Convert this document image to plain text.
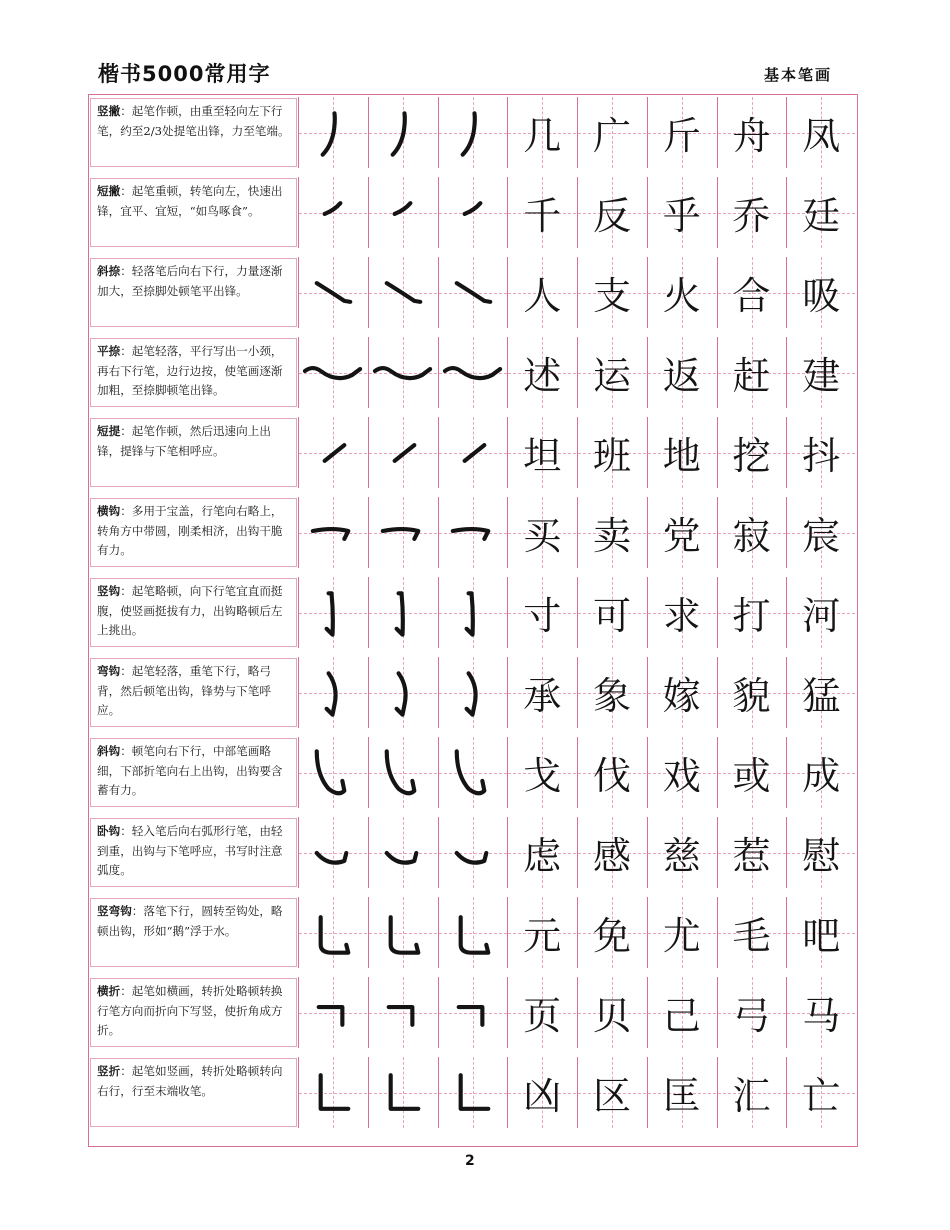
楷书5000常用字	基本笔画
竖撇：起笔作顿，由重至轻向左下行笔，约至2/3处提笔出锋，力至笔端。	几 广 斤 舟 凤
短撇：起笔重顿，转笔向左，快速出锋，宜平、宜短，“如鸟啄食”。	千 反 乎 乔 廷
斜捺：轻落笔后向右下行，力量逐渐加大，至捺脚处顿笔平出锋。	人 支 火 合 吸
平捺：起笔轻落，平行写出一小颈，再右下行笔，边行边按，使笔画逐渐加粗，至捺脚顿笔出锋。	述 运 返 赶 建
短提：起笔作顿，然后迅速向上出锋，提锋与下笔相呼应。	坦 班 地 挖 抖
横钩：多用于宝盖，行笔向右略上，转角方中带圆，刚柔相济，出钩干脆有力。	买 卖 党 寂 宸
竖钩：起笔略顿，向下行笔宜直而挺腹，使竖画挺拔有力，出钩略顿后左上挑出。	寸 可 求 打 河
弯钩：起笔轻落，重笔下行，略弓背，然后顿笔出钩，锋势与下笔呼应。	承 象 嫁 貌 猛
斜钩：顿笔向右下行，中部笔画略细，下部折笔向右上出钩，出钩要含蓄有力。	戈 伐 戏 或 成
卧钩：轻入笔后向右弧形行笔，由轻到重，出钩与下笔呼应，书写时注意弧度。	虑 感 慈 惹 慰
竖弯钩：落笔下行，圆转至钩处，略顿出钩，形如“鹅”浮于水。	元 免 尤 毛 吧
横折：起笔如横画，转折处略顿转换行笔方向而折向下写竖，使折角成方折。	页 贝 己 弓 马
竖折：起笔如竖画，转折处略顿转向右行，行至末端收笔。	凶 区 匡 汇 亡
2
